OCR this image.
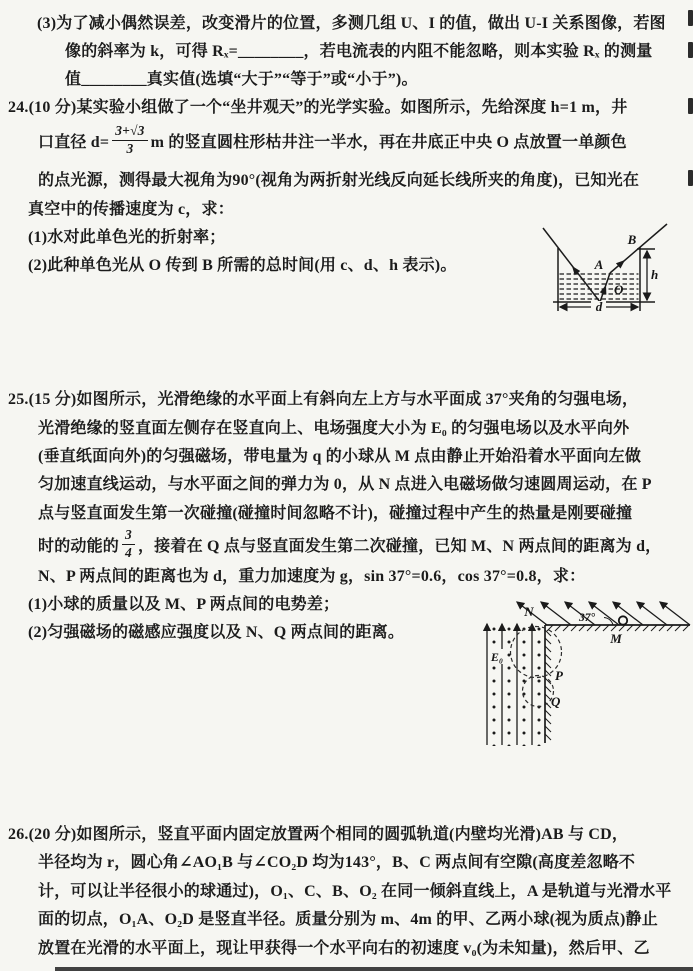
(3)为了减小偶然误差，改变滑片的位置，多测几组 U、I 的值，做出 U-I 关系图像，若图
像的斜率为 k，可得 Rₓ=________，若电流表的内阻不能忽略，则本实验 Rₓ 的测量
值________真实值(选填“大于”“等于”或“小于”)。
24.(10 分)某实验小组做了一个“坐井观天”的光学实验。如图所示，先给深度 h=1 m，井
口直径 $d= \frac{3+√3}{3}$ m 的竖直圆柱形枯井注一半水，再在井底正中央 O 点放置一单颜色
的点光源，测得最大视角为90°(视角为两折射光线反向延长线所夹的角度)，已知光在
真空中的传播速度为 c，求：
(1)水对此单色光的折射率；
(2)此种单色光从 O 传到 B 所需的总时间(用 c、d、h 表示)。
d
h
B
A
O
25.(15 分)如图所示，光滑绝缘的水平面上有斜向左上方与水平面成 37°夹角的匀强电场，
光滑绝缘的竖直面左侧存在竖直向上、电场强度大小为 E₀ 的匀强电场以及水平向外
(垂直纸面向外)的匀强磁场，带电量为 q 的小球从 M 点由静止开始沿着水平面向左做
匀加速直线运动，与水平面之间的弹力为 0，从 N 点进入电磁场做匀速圆周运动，在 P
点与竖直面发生第一次碰撞(碰撞时间忽略不计)，碰撞过程中产生的热量是刚要碰撞
时的动能的 $\frac{3}{4}$ ，接着在 Q 点与竖直面发生第二次碰撞，已知 M、N 两点间的距离为 d，
N、P 两点间的距离也为 d，重力加速度为 g，sin 37°=0.6，cos 37°=0.8，求：
(1)小球的质量以及 M、P 两点间的电势差；
(2)匀强磁场的磁感应强度以及 N、Q 两点间的距离。
E₀
37°
M
N
P
Q
26.(20 分)如图所示，竖直平面内固定放置两个相同的圆弧轨道(内壁均光滑)AB 与 CD，
半径均为 r，圆心角∠AO₁B 与∠CO₂D 均为143°，B、C 两点间有空隙(高度差忽略不
计，可以让半径很小的球通过)，O₁、C、B、O₂ 在同一倾斜直线上，A 是轨道与光滑水平
面的切点，O₁A、O₂D 是竖直半径。质量分别为 m、4m 的甲、乙两小球(视为质点)静止
放置在光滑的水平面上，现让甲获得一个水平向右的初速度 v₀(为未知量)，然后甲、乙
